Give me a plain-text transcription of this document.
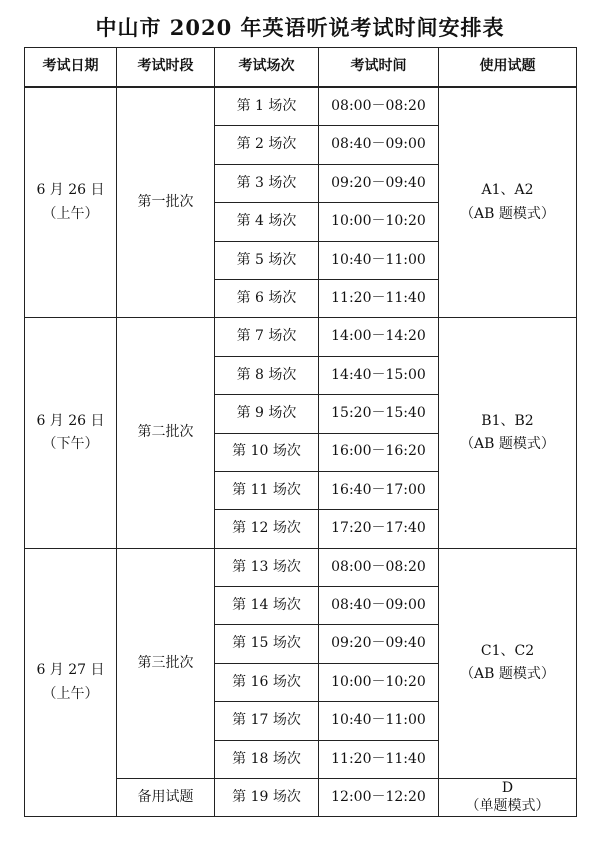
中山市 2020 年英语听说考试时间安排表
考试日期	考试时段	考试场次	考试时间	使用试题

6 月 26 日
（上午）	第一批次	第 1 场次	08:00－08:20	A1、A2
（AB 题模式）

		第 2 场次	08:40－09:00	
		第 3 场次	09:20－09:40	
		第 4 场次	10:00－10:20	
		第 5 场次	10:40－11:00	
		第 6 场次	11:20－11:40	

6 月 26 日
（下午）	第二批次	第 7 场次	14:00－14:20	B1、B2
（AB 题模式）

		第 8 场次	14:40－15:00	
		第 9 场次	15:20－15:40	
		第 10 场次	16:00－16:20	
		第 11 场次	16:40－17:00	
		第 12 场次	17:20－17:40	

6 月 27 日
（上午）	第三批次	第 13 场次	08:00－08:20	C1、C2
（AB 题模式）

		第 14 场次	08:40－09:00	
		第 15 场次	09:20－09:40	
		第 16 场次	10:00－10:20	
		第 17 场次	10:40－11:00	
		第 18 场次	11:20－11:40	
	备用试题	第 19 场次	12:00－12:20	D
（单题模式）
